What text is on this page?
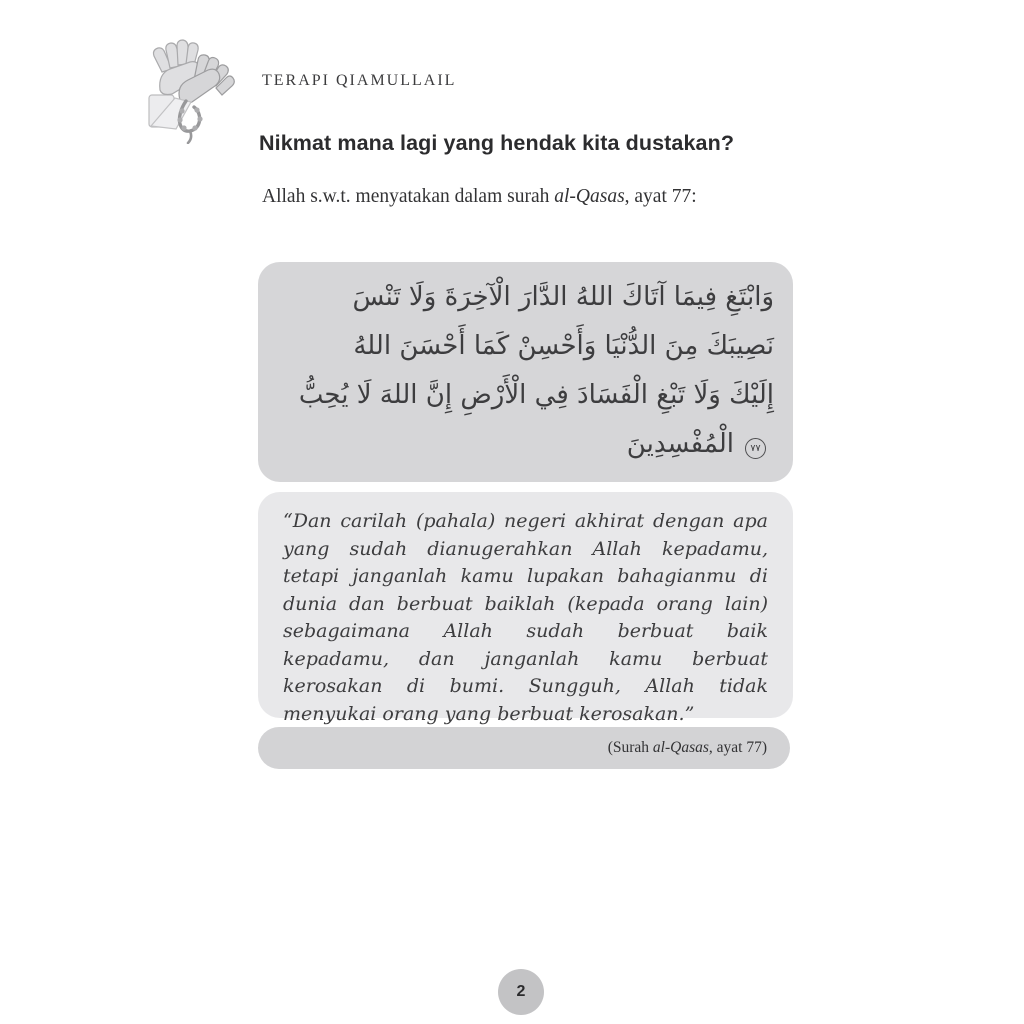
TERAPI QIAMULLAIL
Nikmat mana lagi yang hendak kita dustakan?

Allah s.w.t. menyatakan dalam surah al-Qasas, ayat 77:

وَابْتَغِ فِيمَا آتَاكَ اللهُ الدَّارَ الْآخِرَةَ وَلَا تَنْسَ
نَصِيبَكَ مِنَ الدُّنْيَا وَأَحْسِنْ كَمَا أَحْسَنَ اللهُ
إِلَيْكَ وَلَا تَبْغِ الْفَسَادَ فِي الْأَرْضِ إِنَّ اللهَ لَا يُحِبُّ
الْمُفْسِدِينَ ٧٧

“Dan carilah (pahala) negeri akhirat dengan apa yang sudah dianugerahkan Allah kepadamu, tetapi janganlah kamu lupakan bahagianmu di dunia dan berbuat baiklah (kepada orang lain) sebagaimana Allah sudah berbuat baik kepadamu, dan janganlah kamu berbuat kerosakan di bumi. Sungguh, Allah tidak menyukai orang yang berbuat kerosakan.”

(Surah al-Qasas, ayat 77)
2
